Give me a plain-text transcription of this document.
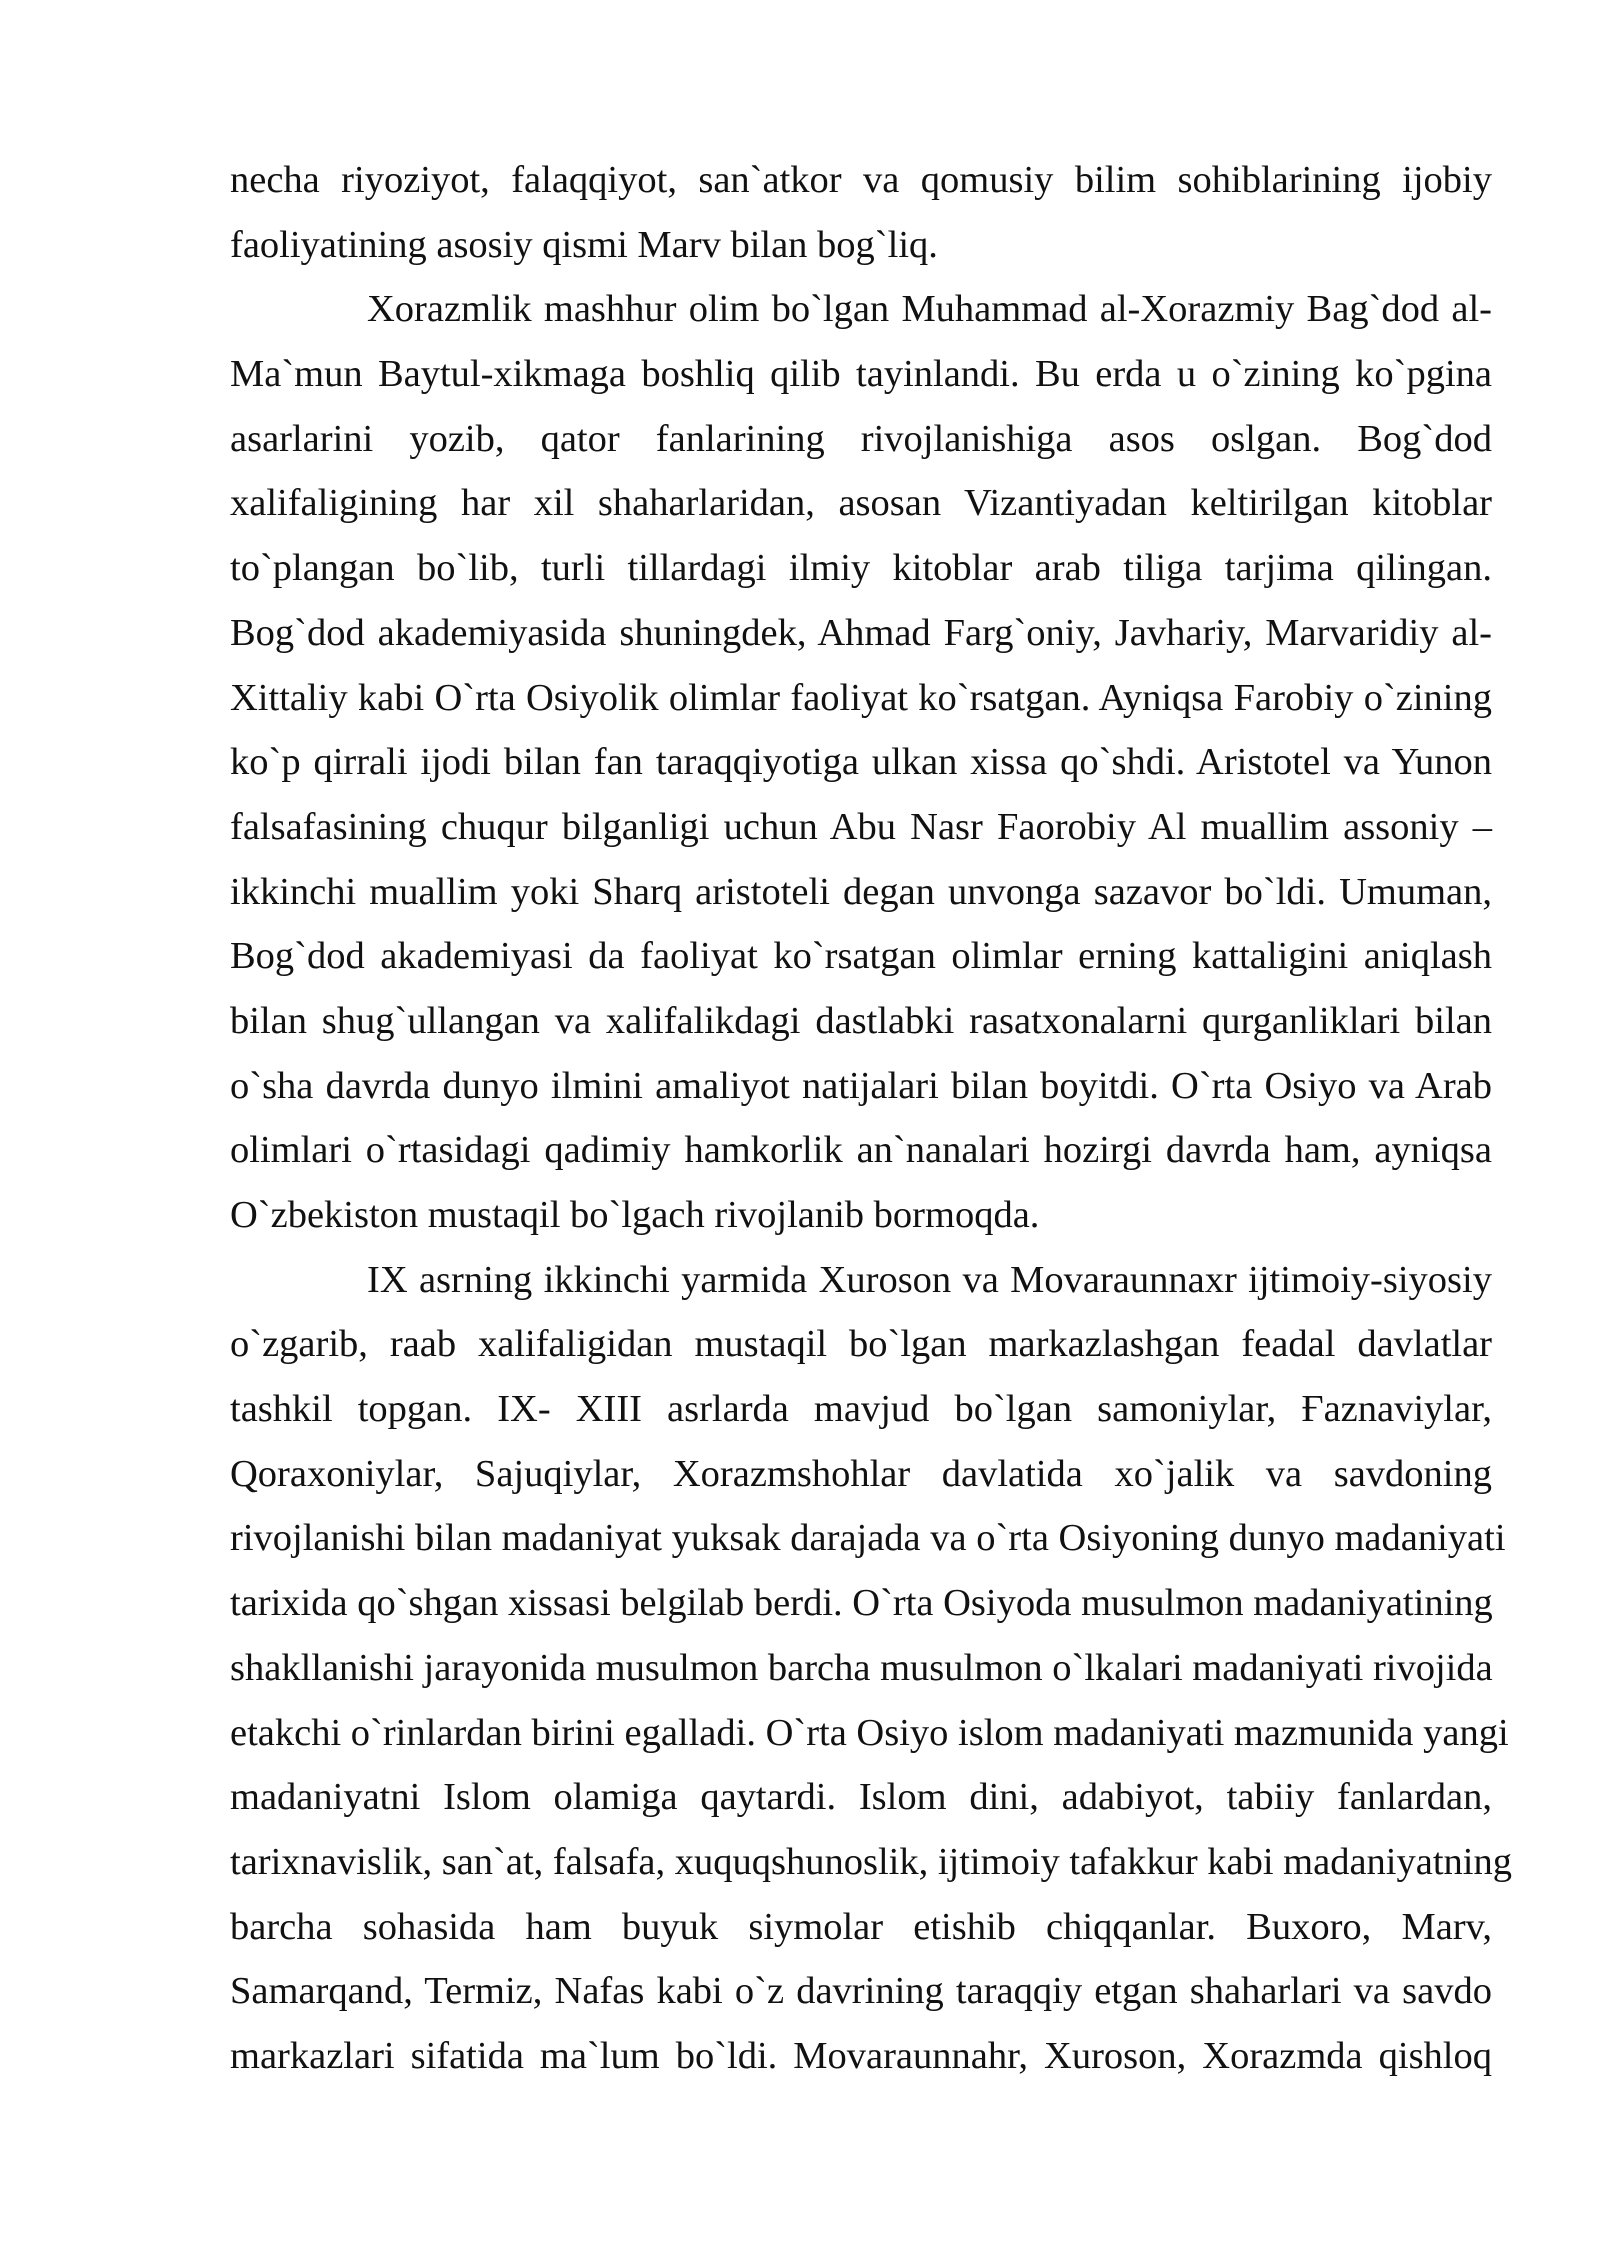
necha riyoziyot, falaqqiyot, san`atkor va qomusiy bilim sohiblarining ijobiy
faoliyatining asosiy qismi Marv bilan bog`liq.
Xorazmlik mashhur olim bo`lgan Muhammad al-Xorazmiy Bag`dod al-
Ma`mun Baytul-xikmaga boshliq qilib tayinlandi. Bu erda u o`zining ko`pgina
asarlarini yozib, qator fanlarining rivojlanishiga asos oslgan. Bog`dod
xalifaligining har xil shaharlaridan, asosan Vizantiyadan keltirilgan kitoblar
to`plangan bo`lib, turli tillardagi ilmiy kitoblar arab tiliga tarjima qilingan.
Bog`dod akademiyasida shuningdek, Ahmad Farg`oniy, Javhariy, Marvaridiy al-
Xittaliy kabi O`rta Osiyolik olimlar faoliyat ko`rsatgan. Ayniqsa Farobiy o`zining
ko`p qirrali ijodi bilan fan taraqqiyotiga ulkan xissa qo`shdi. Aristotel va Yunon
falsafasining chuqur bilganligi uchun Abu Nasr Faorobiy Al muallim assoniy –
ikkinchi muallim yoki Sharq aristoteli degan unvonga sazavor bo`ldi. Umuman,
Bog`dod akademiyasi da faoliyat ko`rsatgan olimlar erning kattaligini aniqlash
bilan shug`ullangan va xalifalikdagi dastlabki rasatxonalarni qurganliklari bilan
o`sha davrda dunyo ilmini amaliyot natijalari bilan boyitdi. O`rta Osiyo va Arab
olimlari o`rtasidagi qadimiy hamkorlik an`nanalari hozirgi davrda ham, ayniqsa
O`zbekiston mustaqil bo`lgach rivojlanib bormoqda.
IX asrning ikkinchi yarmida Xuroson va Movaraunnaxr ijtimoiy-siyosiy
o`zgarib, raab xalifaligidan mustaqil bo`lgan markazlashgan feadal davlatlar
tashkil topgan. IX- XIII asrlarda mavjud bo`lgan samoniylar, Ғaznaviylar,
Qoraxoniylar, Sajuqiylar, Xorazmshohlar davlatida xo`jalik va savdoning
rivojlanishi bilan madaniyat yuksak darajada va o`rta Osiyoning dunyo madaniyati
tarixida qo`shgan xissasi belgilab berdi. O`rta Osiyoda musulmon madaniyatining
shakllanishi jarayonida musulmon barcha musulmon o`lkalari madaniyati rivojida
etakchi o`rinlardan birini egalladi. O`rta Osiyo islom madaniyati mazmunida yangi
madaniyatni Islom olamiga qaytardi. Islom dini, adabiyot, tabiiy fanlardan,
tarixnavislik, san`at, falsafa, xuquqshunoslik, ijtimoiy tafakkur kabi madaniyatning
barcha sohasida ham buyuk siymolar etishib chiqqanlar. Buxoro, Marv,
Samarqand, Termiz, Nafas kabi o`z davrining taraqqiy etgan shaharlari va savdo
markazlari sifatida ma`lum bo`ldi. Movaraunnahr, Xuroson, Xorazmda qishloq
